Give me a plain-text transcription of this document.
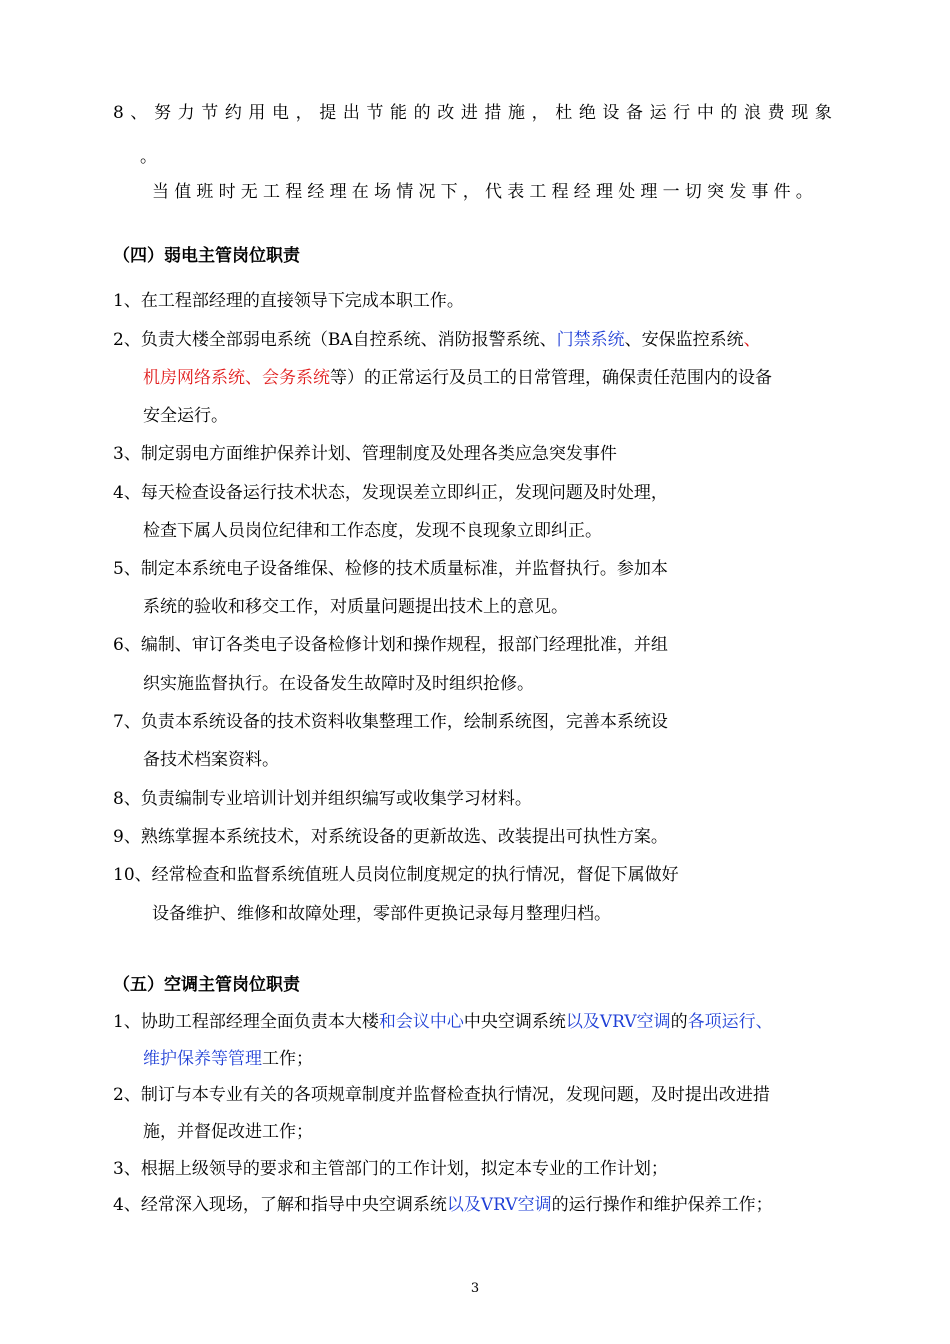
8、努力节约用电，提出节能的改进措施，杜绝设备运行中的浪费现象
。
当值班时无工程经理在场情况下，代表工程经理处理一切突发事件。
（四）弱电主管岗位职责
1、在工程部经理的直接领导下完成本职工作。
2、负责大楼全部弱电系统（BA自控系统、消防报警系统、门禁系统、安保监控系统、
机房网络系统、会务系统等）的正常运行及员工的日常管理，确保责任范围内的设备
安全运行。
3、制定弱电方面维护保养计划、管理制度及处理各类应急突发事件
4、每天检查设备运行技术状态，发现误差立即纠正，发现问题及时处理，
检查下属人员岗位纪律和工作态度，发现不良现象立即纠正。
5、制定本系统电子设备维保、检修的技术质量标准，并监督执行。参加本
系统的验收和移交工作，对质量问题提出技术上的意见。
6、编制、审订各类电子设备检修计划和操作规程，报部门经理批准，并组
织实施监督执行。在设备发生故障时及时组织抢修。
7、负责本系统设备的技术资料收集整理工作，绘制系统图，完善本系统设
备技术档案资料。
8、负责编制专业培训计划并组织编写或收集学习材料。
9、熟练掌握本系统技术，对系统设备的更新故选、改装提出可执性方案。
10、经常检查和监督系统值班人员岗位制度规定的执行情况，督促下属做好
设备维护、维修和故障处理，零部件更换记录每月整理归档。
（五）空调主管岗位职责
1、协助工程部经理全面负责本大楼和会议中心中央空调系统以及VRV空调的各项运行、
维护保养等管理工作；
2、制订与本专业有关的各项规章制度并监督检查执行情况，发现问题，及时提出改进措
施，并督促改进工作；
3、根据上级领导的要求和主管部门的工作计划，拟定本专业的工作计划；
4、经常深入现场，了解和指导中央空调系统以及VRV空调的运行操作和维护保养工作；
3
